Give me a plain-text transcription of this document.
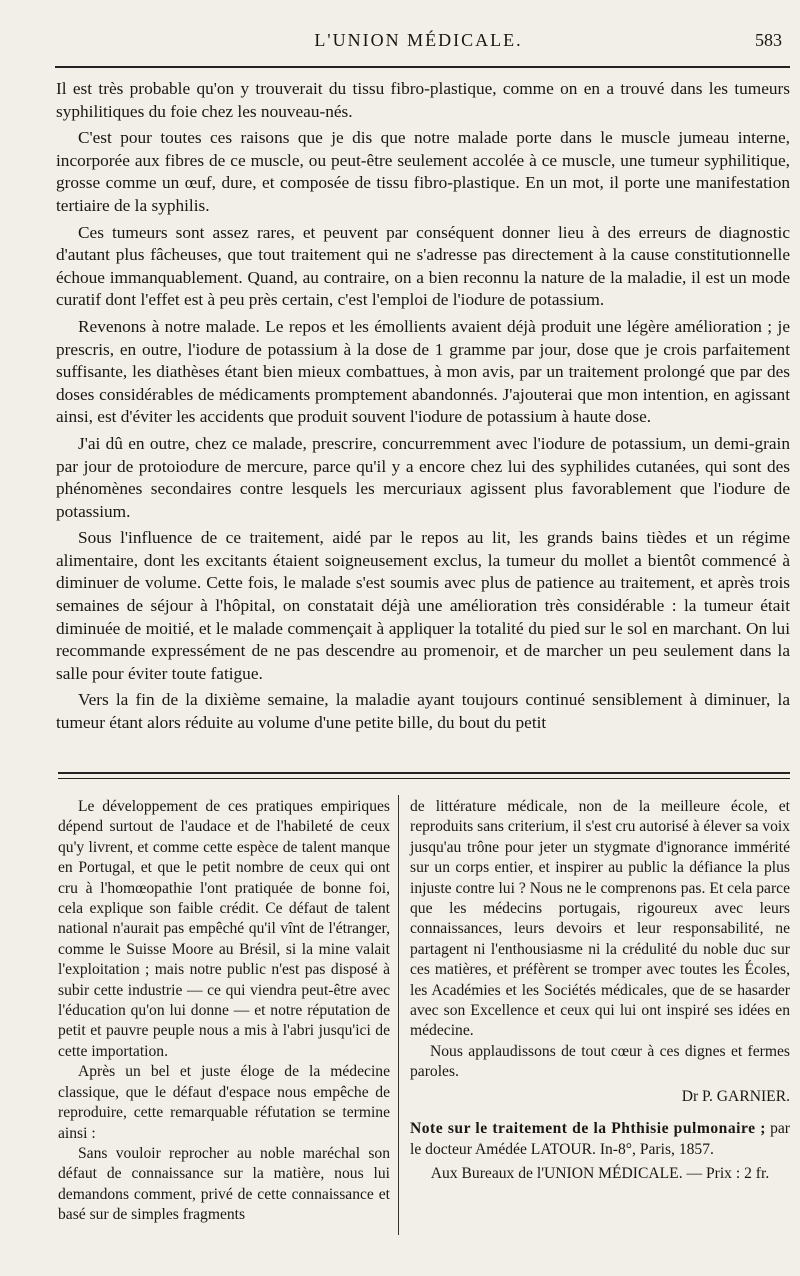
L'UNION MÉDICALE.	583

Il est très probable qu'on y trouverait du tissu fibro-plastique, comme on en a trouvé dans les tumeurs syphilitiques du foie chez les nouveau-nés.

C'est pour toutes ces raisons que je dis que notre malade porte dans le muscle jumeau interne, incorporée aux fibres de ce muscle, ou peut-être seulement accolée à ce muscle, une tumeur syphilitique, grosse comme un œuf, dure, et composée de tissu fibro-plastique. En un mot, il porte une manifestation tertiaire de la syphilis.

Ces tumeurs sont assez rares, et peuvent par conséquent donner lieu à des erreurs de diagnostic d'autant plus fâcheuses, que tout traitement qui ne s'adresse pas directement à la cause constitutionnelle échoue immanquablement. Quand, au contraire, on a bien reconnu la nature de la maladie, il est un mode curatif dont l'effet est à peu près certain, c'est l'emploi de l'iodure de potassium.

Revenons à notre malade. Le repos et les émollients avaient déjà produit une légère amélioration ; je prescris, en outre, l'iodure de potassium à la dose de 1 gramme par jour, dose que je crois parfaitement suffisante, les diathèses étant bien mieux combattues, à mon avis, par un traitement prolongé que par des doses considérables de médicaments promptement abandonnés. J'ajouterai que mon intention, en agissant ainsi, est d'éviter les accidents que produit souvent l'iodure de potassium à haute dose.

J'ai dû en outre, chez ce malade, prescrire, concurremment avec l'iodure de potassium, un demi-grain par jour de protoiodure de mercure, parce qu'il y a encore chez lui des syphilides cutanées, qui sont des phénomènes secondaires contre lesquels les mercuriaux agissent plus favorablement que l'iodure de potassium.

Sous l'influence de ce traitement, aidé par le repos au lit, les grands bains tièdes et un régime alimentaire, dont les excitants étaient soigneusement exclus, la tumeur du mollet a bientôt commencé à diminuer de volume. Cette fois, le malade s'est soumis avec plus de patience au traitement, et après trois semaines de séjour à l'hôpital, on constatait déjà une amélioration très considérable : la tumeur était diminuée de moitié, et le malade commençait à appliquer la totalité du pied sur le sol en marchant. On lui recommande expressément de ne pas descendre au promenoir, et de marcher un peu seulement dans la salle pour éviter toute fatigue.

Vers la fin de la dixième semaine, la maladie ayant toujours continué sensiblement à diminuer, la tumeur étant alors réduite au volume d'une petite bille, du bout du petit

Le développement de ces pratiques empiriques dépend surtout de l'audace et de l'habileté de ceux qu'y livrent, et comme cette espèce de talent manque en Portugal, et que le petit nombre de ceux qui ont cru à l'homœopathie l'ont pratiquée de bonne foi, cela explique son faible crédit. Ce défaut de talent national n'aurait pas empêché qu'il vînt de l'étranger, comme le Suisse Moore au Brésil, si la mine valait l'exploitation ; mais notre public n'est pas disposé à subir cette industrie — ce qui viendra peut-être avec l'éducation qu'on lui donne — et notre réputation de petit et pauvre peuple nous a mis à l'abri jusqu'ici de cette importation.

Après un bel et juste éloge de la médecine classique, que le défaut d'espace nous empêche de reproduire, cette remarquable réfutation se termine ainsi :

Sans vouloir reprocher au noble maréchal son défaut de connaissance sur la matière, nous lui demandons comment, privé de cette connaissance et basé sur de simples fragments

de littérature médicale, non de la meilleure école, et reproduits sans criterium, il s'est cru autorisé à élever sa voix jusqu'au trône pour jeter un stygmate d'ignorance immérité sur un corps entier, et inspirer au public la défiance la plus injuste contre lui ? Nous ne le comprenons pas. Et cela parce que les médecins portugais, rigoureux avec leurs connaissances, leurs devoirs et leur responsabilité, ne partagent ni l'enthousiasme ni la crédulité du noble duc sur ces matières, et préfèrent se tromper avec toutes les Écoles, les Académies et les Sociétés médicales, que de se hasarder avec son Excellence et ceux qui lui ont inspiré ses idées en médecine.

Nous applaudissons de tout cœur à ces dignes et fermes paroles.

Dr P. GARNIER.

Note sur le traitement de la Phthisie pulmonaire ; par le docteur Amédée LATOUR. In-8°, Paris, 1857.

Aux Bureaux de l'UNION MÉDICALE. — Prix : 2 fr.
